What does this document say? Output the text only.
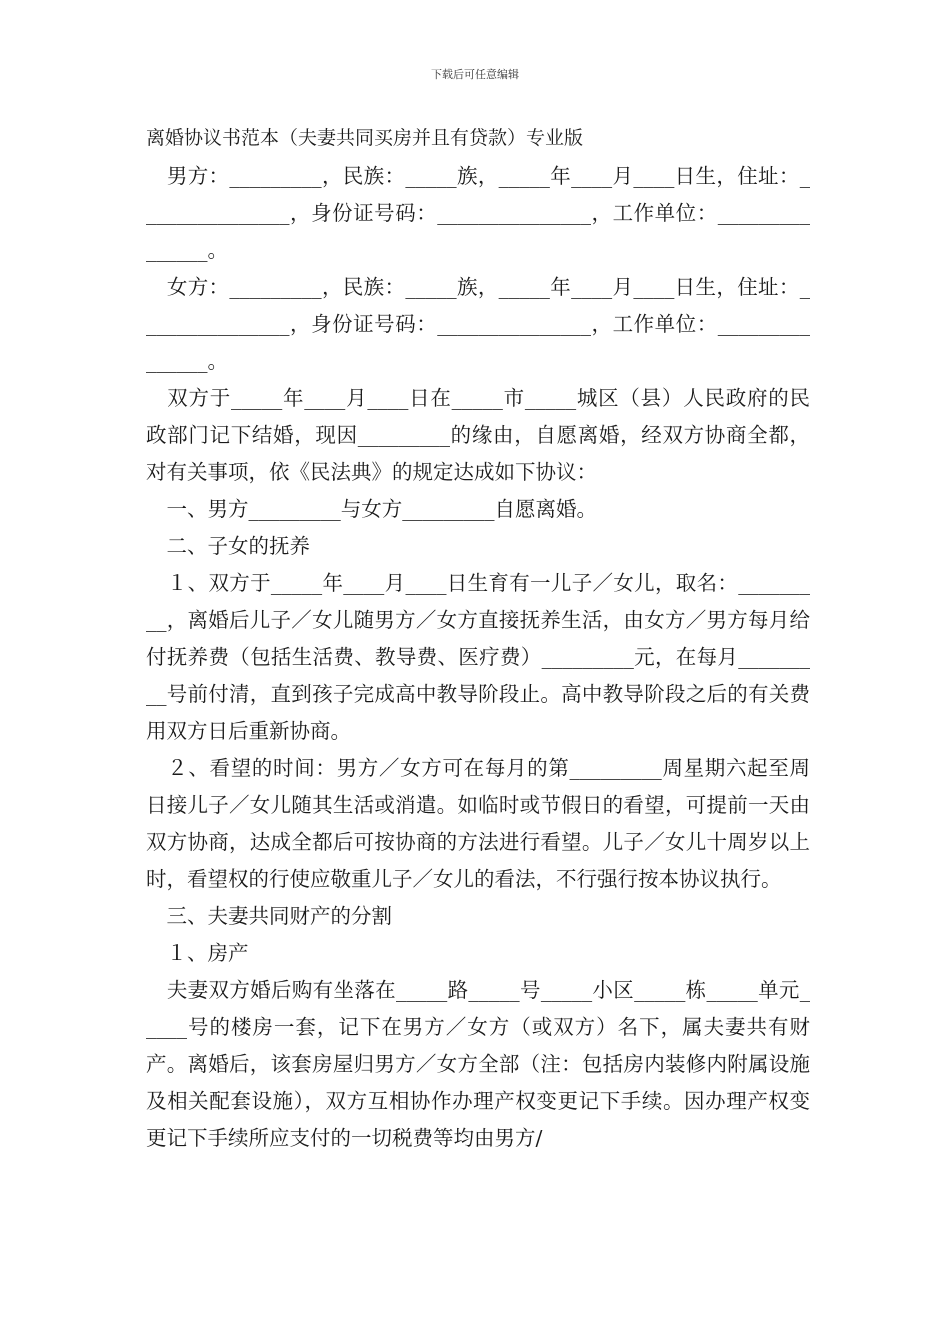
下载后可任意编辑

离婚协议书范本（夫妻共同买房并且有贷款）专业版

　男方：_________，民族：_____族，_____年____月____日生，住址：_______________，身份证号码：_______________，工作单位：_______________。

　女方：_________，民族：_____族，_____年____月____日生，住址：_______________，身份证号码：_______________，工作单位：_______________。

　双方于_____年____月____日在_____市_____城区（县）人民政府的民政部门记下结婚，现因_________的缘由，自愿离婚，经双方协商全都，对有关事项，依《民法典》的规定达成如下协议：

　一、男方_________与女方_________自愿离婚。

　二、子女的抚养

　１、双方于_____年____月____日生育有一儿子／女儿，取名：_________，离婚后儿子／女儿随男方／女方直接抚养生活，由女方／男方每月给付抚养费（包括生活费、教导费、医疗费）_________元，在每月_________号前付清，直到孩子完成高中教导阶段止。高中教导阶段之后的有关费用双方日后重新协商。

　２、看望的时间：男方／女方可在每月的第_________周星期六起至周日接儿子／女儿随其生活或消遣。如临时或节假日的看望，可提前一天由双方协商，达成全都后可按协商的方法进行看望。儿子／女儿十周岁以上时，看望权的行使应敬重儿子／女儿的看法，不行强行按本协议执行。

　三、夫妻共同财产的分割

　１、房产

　夫妻双方婚后购有坐落在_____路_____号_____小区_____栋_____单元_____号的楼房一套，记下在男方／女方（或双方）名下，属夫妻共有财产。离婚后，该套房屋归男方／女方全部（注：包括房内装修内附属设施及相关配套设施），双方互相协作办理产权变更记下手续。因办理产权变更记下手续所应支付的一切税费等均由男方/
